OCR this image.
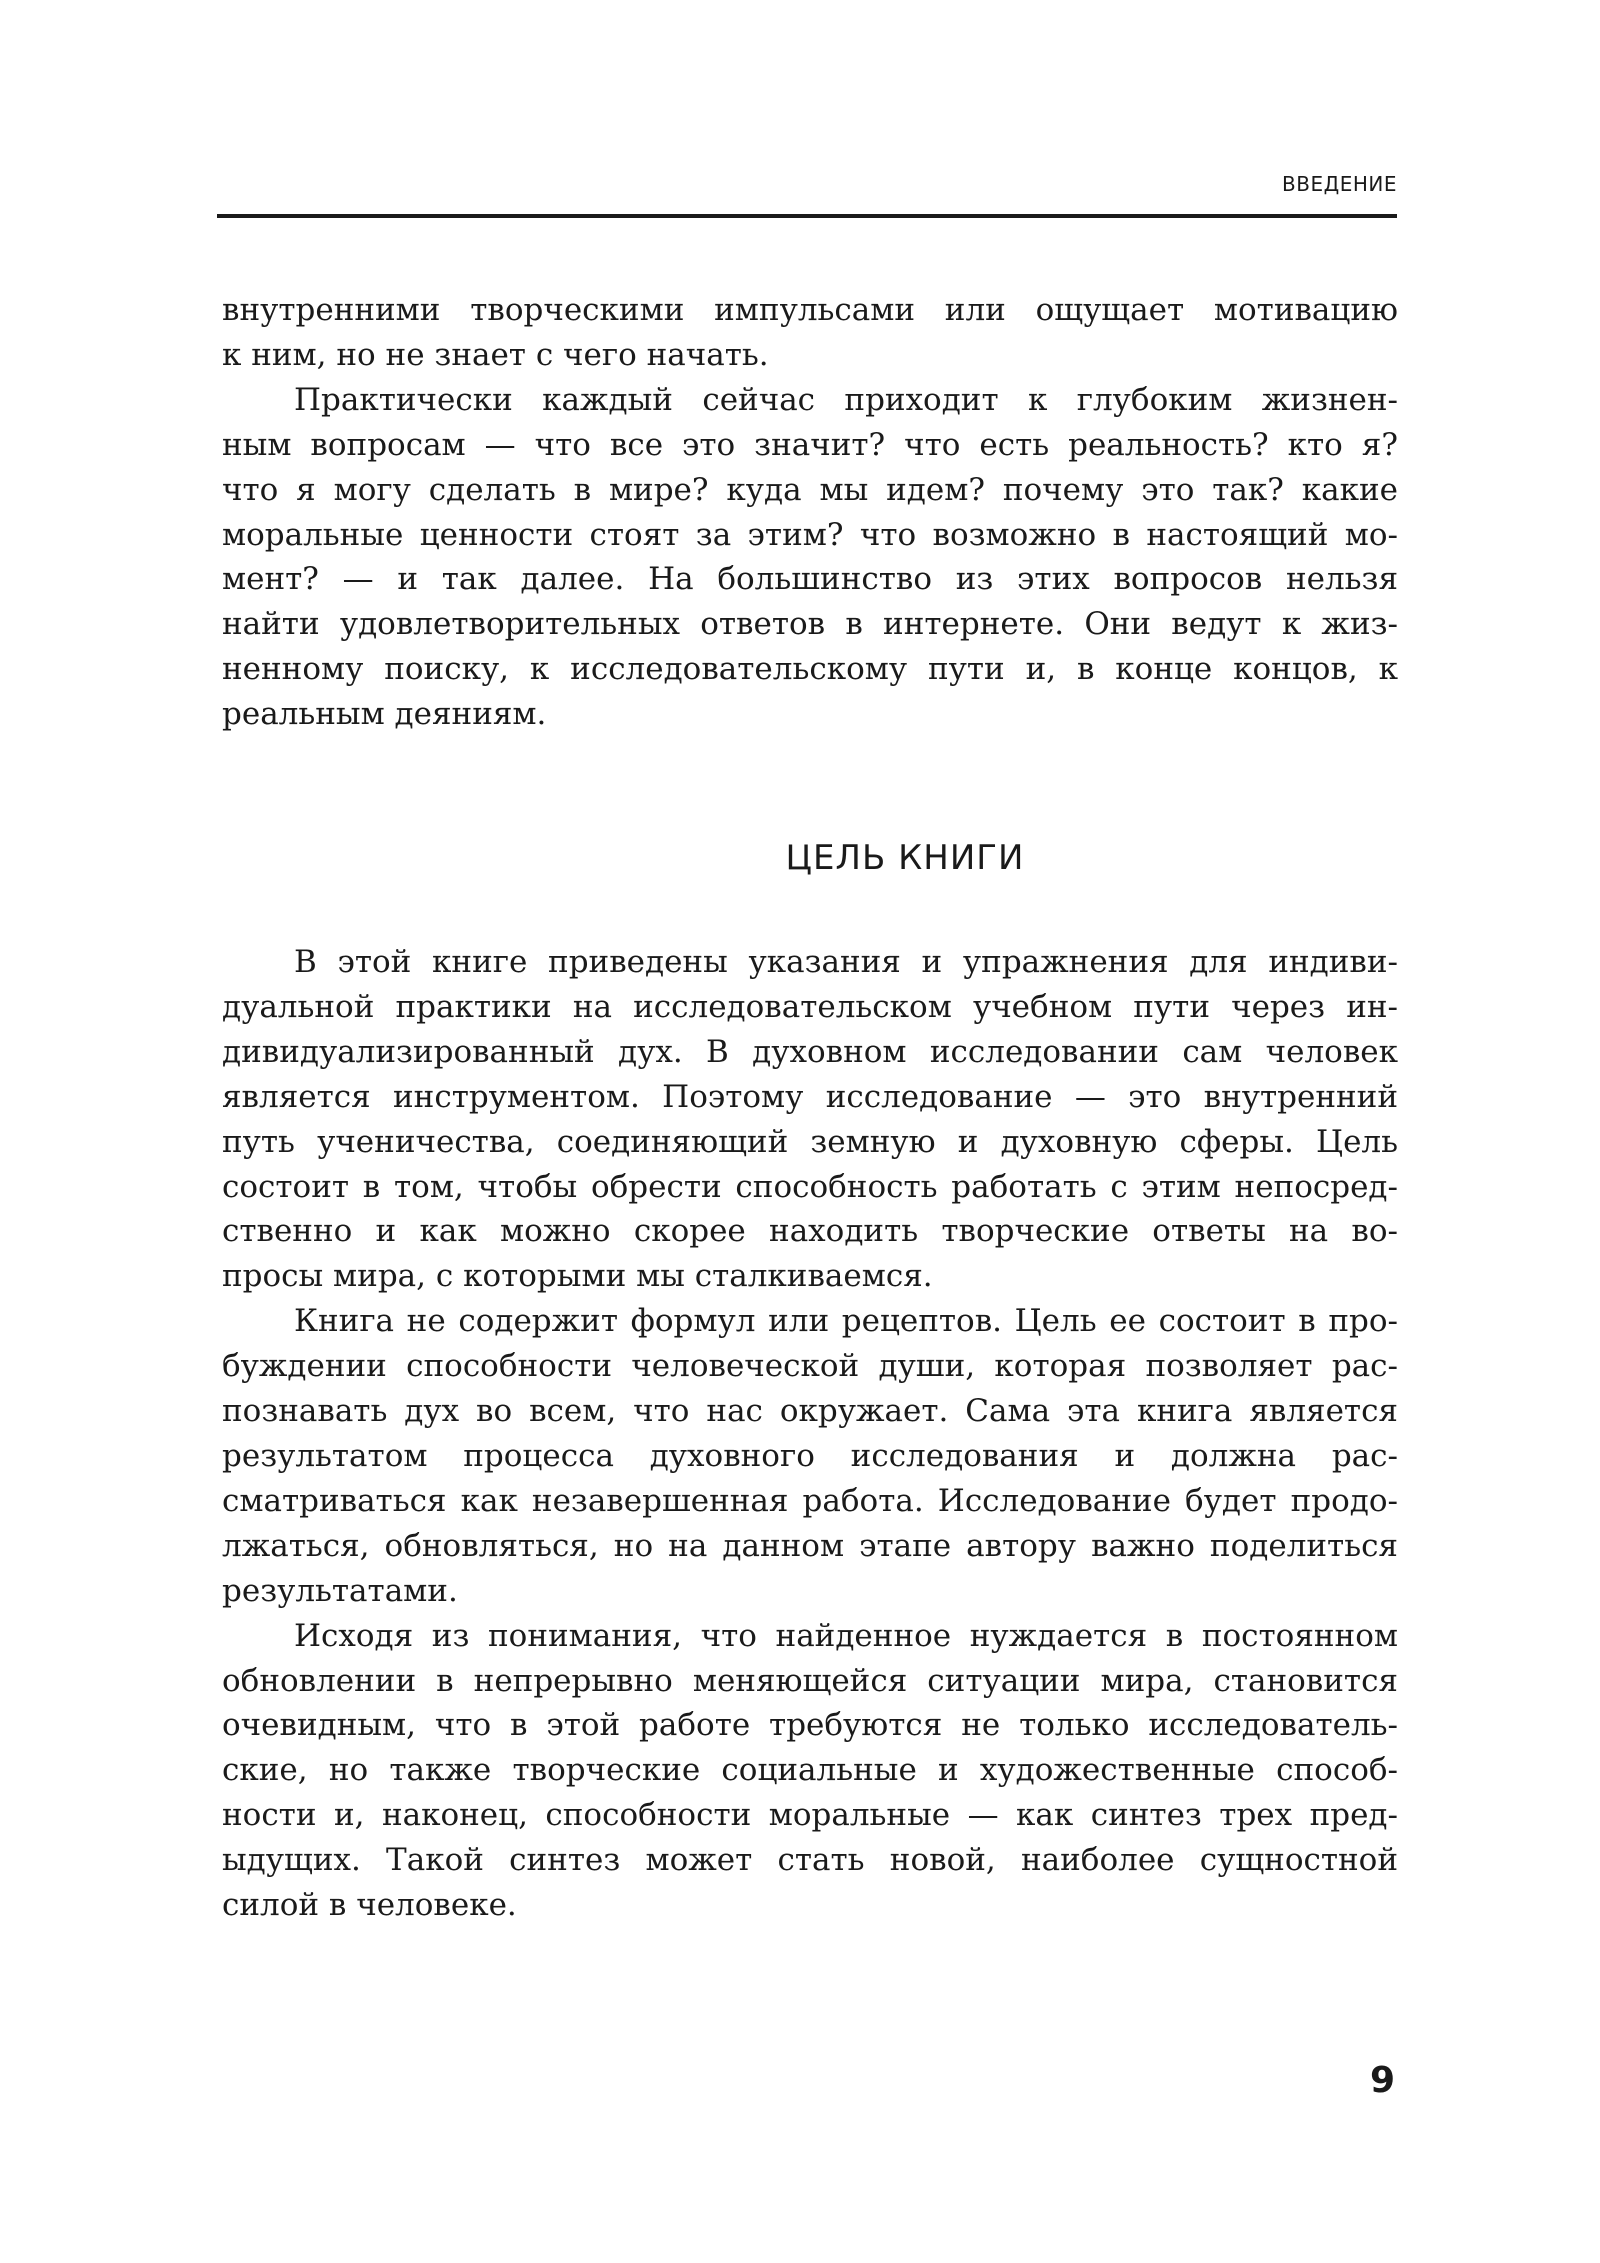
ВВЕДЕНИЕ
внутренними творческими импульсами или ощущает мотивацию
к ним, но не знает с чего начать.
Практически каждый сейчас приходит к глубоким жизнен-
ным вопросам — что все это значит? что есть реальность? кто я?
что я могу сделать в мире? куда мы идем? почему это так? какие
моральные ценности стоят за этим? что возможно в настоящий мо-
мент? — и так далее. На большинство из этих вопросов нельзя
найти удовлетворительных ответов в интернете. Они ведут к жиз-
ненному поиску, к исследовательскому пути и, в конце концов, к
реальным деяниям.
ЦЕЛЬ КНИГИ
В этой книге приведены указания и упражнения для индиви-
дуальной практики на исследовательском учебном пути через ин-
дивидуализированный дух. В духовном исследовании сам человек
является инструментом. Поэтому исследование — это внутренний
путь ученичества, соединяющий земную и духовную сферы. Цель
состоит в том, чтобы обрести способность работать с этим непосред-
ственно и как можно скорее находить творческие ответы на во-
просы мира, с которыми мы сталкиваемся.
Книга не содержит формул или рецептов. Цель ее состоит в про-
буждении способности человеческой души, которая позволяет рас-
познавать дух во всем, что нас окружает. Сама эта книга является
результатом процесса духовного исследования и должна рас-
сматриваться как незавершенная работа. Исследование будет продо-
лжаться, обновляться, но на данном этапе автору важно поделиться
результатами.
Исходя из понимания, что найденное нуждается в постоянном
обновлении в непрерывно меняющейся ситуации мира, становится
очевидным, что в этой работе требуются не только исследователь-
ские, но также творческие социальные и художественные способ-
ности и, наконец, способности моральные — как синтез трех пред-
ыдущих. Такой синтез может стать новой, наиболее сущностной
силой в человеке.
9
